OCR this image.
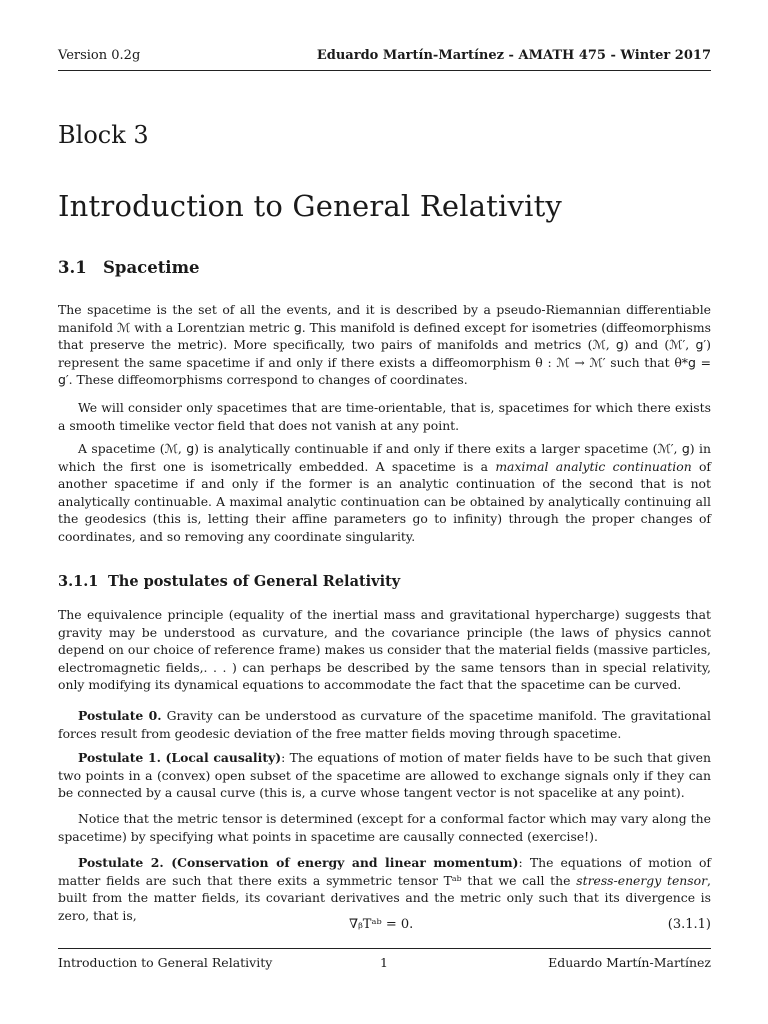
Version 0.2g	Eduardo Martín-Martínez - AMATH 475 - Winter 2017
Block 3
Introduction to General Relativity
3.1 Spacetime

The spacetime is the set of all the events, and it is described by a pseudo-Riemannian differentiable manifold ℳ with a Lorentzian metric 𝗀. This manifold is defined except for isometries (diffeomorphisms that preserve the metric). More specifically, two pairs of manifolds and metrics (ℳ, 𝗀) and (ℳ′, 𝗀′) represent the same spacetime if and only if there exists a diffeomorphism θ : ℳ → ℳ′ such that θ*𝗀 = 𝗀′. These diffeomorphisms correspond to changes of coordinates.

We will consider only spacetimes that are time-orientable, that is, spacetimes for which there exists a smooth timelike vector field that does not vanish at any point.

A spacetime (ℳ, 𝗀) is analytically continuable if and only if there exits a larger spacetime (ℳ′, 𝗀) in which the first one is isometrically embedded. A spacetime is a maximal analytic continuation of another spacetime if and only if the former is an analytic continuation of the second that is not analytically continuable. A maximal analytic continuation can be obtained by analytically continuing all the geodesics (this is, letting their affine parameters go to infinity) through the proper changes of coordinates, and so removing any coordinate singularity.

3.1.1 The postulates of General Relativity

The equivalence principle (equality of the inertial mass and gravitational hypercharge) suggests that gravity may be understood as curvature, and the covariance principle (the laws of physics cannot depend on our choice of reference frame) makes us consider that the material fields (massive particles, electromagnetic fields,. . . ) can perhaps be described by the same tensors than in special relativity, only modifying its dynamical equations to accommodate the fact that the spacetime can be curved.

Postulate 0. Gravity can be understood as curvature of the spacetime manifold. The gravitational forces result from geodesic deviation of the free matter fields moving through spacetime.

Postulate 1. (Local causality): The equations of motion of mater fields have to be such that given two points in a (convex) open subset of the spacetime are allowed to exchange signals only if they can be connected by a causal curve (this is, a curve whose tangent vector is not spacelike at any point).

Notice that the metric tensor is determined (except for a conformal factor which may vary along the spacetime) by specifying what points in spacetime are causally connected (exercise!).

Postulate 2. (Conservation of energy and linear momentum): The equations of motion of matter fields are such that there exits a symmetric tensor Tᵃᵇ that we call the stress-energy tensor, built from the matter fields, its covariant derivatives and the metric only such that its divergence is zero, that is,

∇ᵦTᵃᵇ = 0.	(3.1.1)
Introduction to General Relativity	1	Eduardo Martín-Martínez
